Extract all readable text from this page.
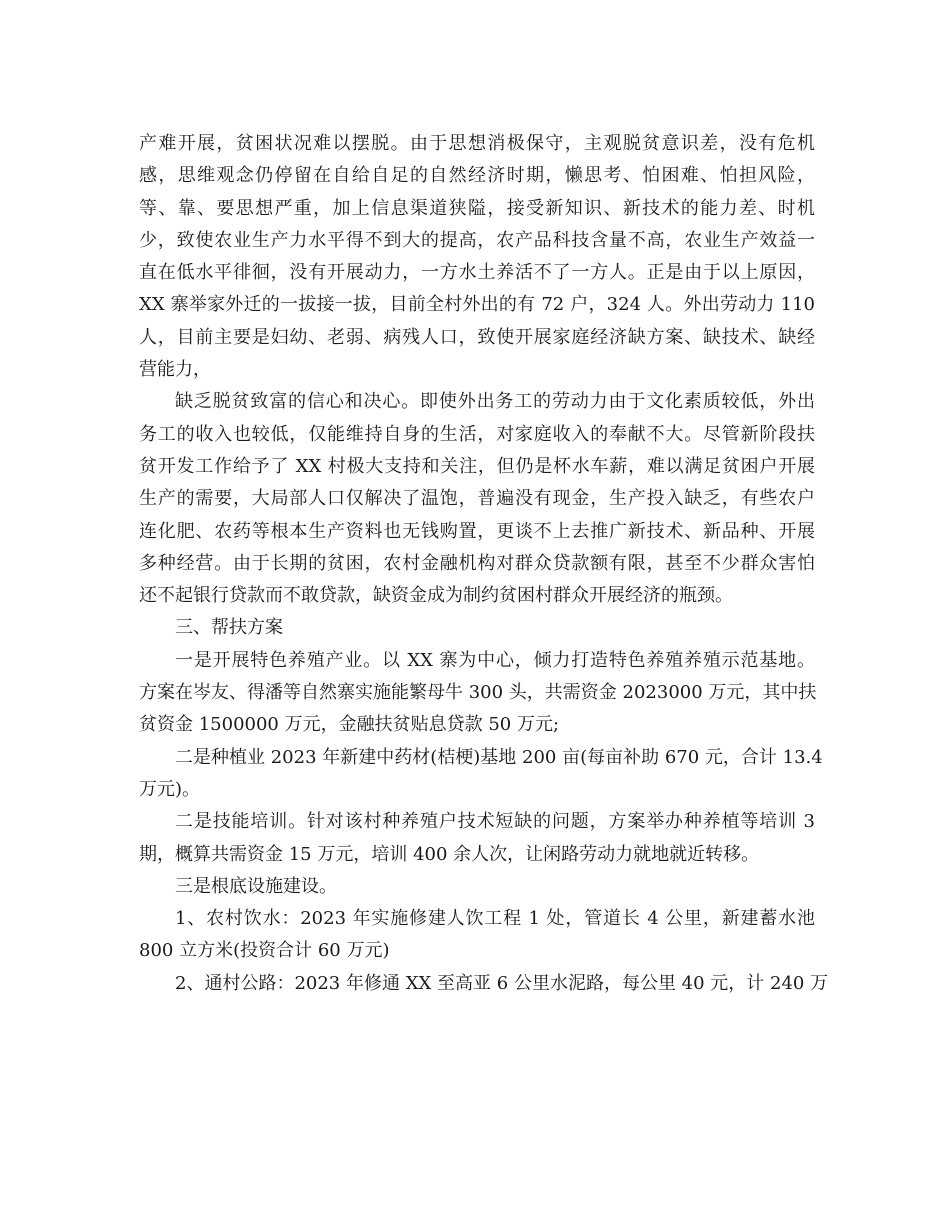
产难开展，贫困状况难以摆脱。由于思想消极保守，主观脱贫意识差，没有危机
感，思维观念仍停留在自给自足的自然经济时期，懒思考、怕困难、怕担风险，
等、靠、要思想严重，加上信息渠道狭隘，接受新知识、新技术的能力差、时机
少，致使农业生产力水平得不到大的提高，农产品科技含量不高，农业生产效益一
直在低水平徘徊，没有开展动力，一方水土养活不了一方人。正是由于以上原因，
XX 寨举家外迁的一拔接一拔，目前全村外出的有 72 户，324 人。外出劳动力 110
人，目前主要是妇幼、老弱、病残人口，致使开展家庭经济缺方案、缺技术、缺经
营能力，
缺乏脱贫致富的信心和决心。即使外出务工的劳动力由于文化素质较低，外出
务工的收入也较低，仅能维持自身的生活，对家庭收入的奉献不大。尽管新阶段扶
贫开发工作给予了 XX 村极大支持和关注，但仍是杯水车薪，难以满足贫困户开展
生产的需要，大局部人口仅解决了温饱，普遍没有现金，生产投入缺乏，有些农户
连化肥、农药等根本生产资料也无钱购置，更谈不上去推广新技术、新品种、开展
多种经营。由于长期的贫困，农村金融机构对群众贷款额有限，甚至不少群众害怕
还不起银行贷款而不敢贷款，缺资金成为制约贫困村群众开展经济的瓶颈。
三、帮扶方案
一是开展特色养殖产业。以 XX 寨为中心，倾力打造特色养殖养殖示范基地。
方案在岑友、得潘等自然寨实施能繁母牛 300 头，共需资金 2023000 万元，其中扶
贫资金 1500000 万元，金融扶贫贴息贷款 50 万元;
二是种植业 2023 年新建中药材(桔梗)基地 200 亩(每亩补助 670 元，合计 13.4
万元)。
二是技能培训。针对该村种养殖户技术短缺的问题，方案举办种养植等培训 3
期，概算共需资金 15 万元，培训 400 余人次，让闲路劳动力就地就近转移。
三是根底设施建设。
1、农村饮水：2023 年实施修建人饮工程 1 处，管道长 4 公里，新建蓄水池
800 立方米(投资合计 60 万元)
2、通村公路：2023 年修通 XX 至高亚 6 公里水泥路，每公里 40 元，计 240 万
